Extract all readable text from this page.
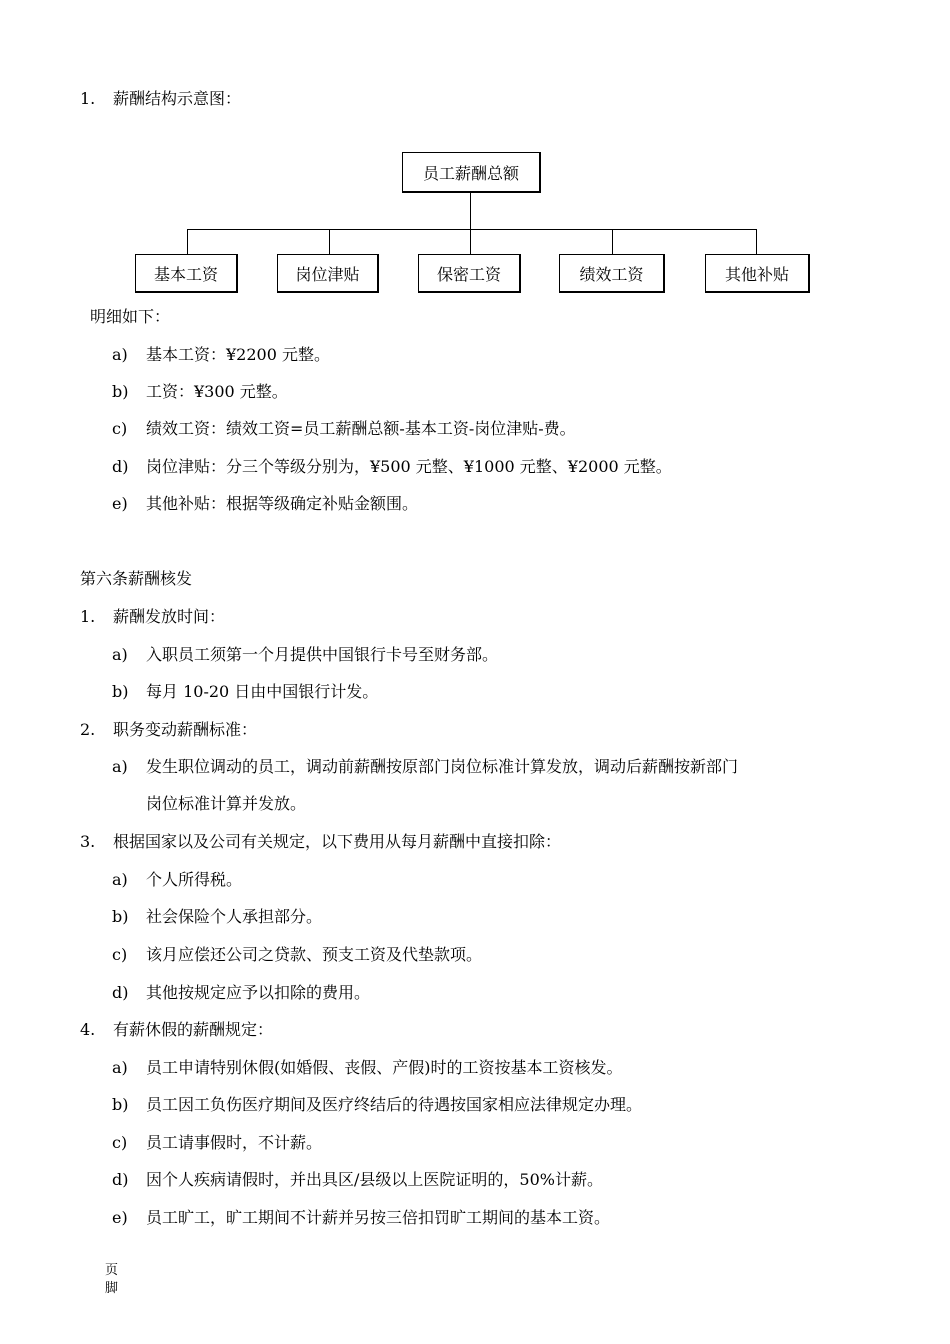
1. 薪酬结构示意图：
员工薪酬总额
基本工资	岗位津贴	保密工资	绩效工资	其他补贴
明细如下：
a) 基本工资：¥2200 元整。
b) 工资：¥300 元整。
c) 绩效工资：绩效工资=员工薪酬总额-基本工资-岗位津贴-费。
d) 岗位津贴：分三个等级分别为，¥500 元整、¥1000 元整、¥2000 元整。
e) 其他补贴：根据等级确定补贴金额围。
第六条薪酬核发
1. 薪酬发放时间：
a) 入职员工须第一个月提供中国银行卡号至财务部。
b) 每月 10-20 日由中国银行计发。
2. 职务变动薪酬标准：
a) 发生职位调动的员工，调动前薪酬按原部门岗位标准计算发放，调动后薪酬按新部门
岗位标准计算并发放。
3. 根据国家以及公司有关规定，以下费用从每月薪酬中直接扣除：
a) 个人所得税。
b) 社会保险个人承担部分。
c) 该月应偿还公司之贷款、预支工资及代垫款项。
d) 其他按规定应予以扣除的费用。
4. 有薪休假的薪酬规定：
a) 员工申请特别休假(如婚假、丧假、产假)时的工资按基本工资核发。
b) 员工因工负伤医疗期间及医疗终结后的待遇按国家相应法律规定办理。
c) 员工请事假时，不计薪。
d) 因个人疾病请假时，并出具区/县级以上医院证明的，50%计薪。
e) 员工旷工，旷工期间不计薪并另按三倍扣罚旷工期间的基本工资。
页
脚
